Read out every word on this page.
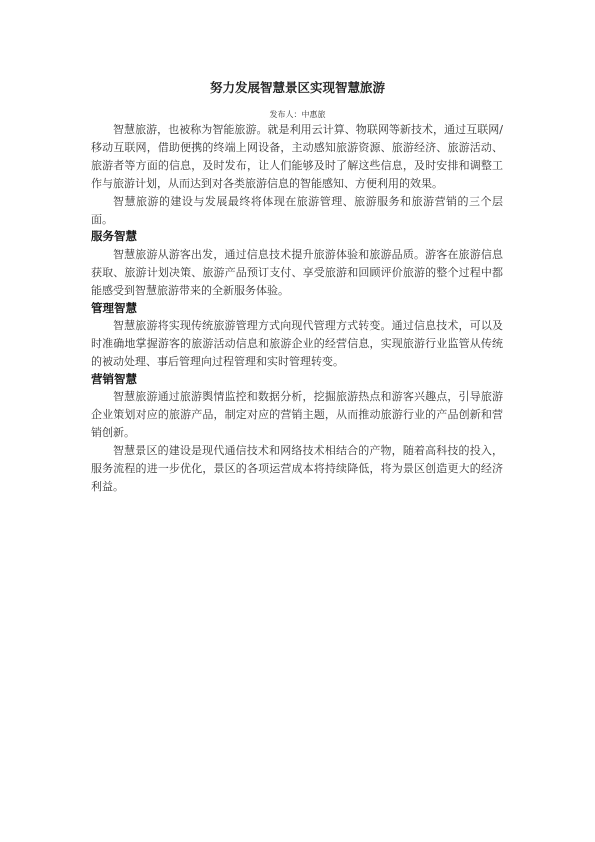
努力发展智慧景区实现智慧旅游
发布人：中惠旅

智慧旅游，也被称为智能旅游。就是利用云计算、物联网等新技术，通过互联网/移动互联网，借助便携的终端上网设备，主动感知旅游资源、旅游经济、旅游活动、旅游者等方面的信息，及时发布，让人们能够及时了解这些信息，及时安排和调整工作与旅游计划，从而达到对各类旅游信息的智能感知、方便利用的效果。

智慧旅游的建设与发展最终将体现在旅游管理、旅游服务和旅游营销的三个层面。

服务智慧

智慧旅游从游客出发，通过信息技术提升旅游体验和旅游品质。游客在旅游信息获取、旅游计划决策、旅游产品预订支付、享受旅游和回顾评价旅游的整个过程中都能感受到智慧旅游带来的全新服务体验。

管理智慧

智慧旅游将实现传统旅游管理方式向现代管理方式转变。通过信息技术，可以及时准确地掌握游客的旅游活动信息和旅游企业的经营信息，实现旅游行业监管从传统的被动处理、事后管理向过程管理和实时管理转变。

营销智慧

智慧旅游通过旅游舆情监控和数据分析，挖掘旅游热点和游客兴趣点，引导旅游企业策划对应的旅游产品，制定对应的营销主题，从而推动旅游行业的产品创新和营销创新。

智慧景区的建设是现代通信技术和网络技术相结合的产物，随着高科技的投入，服务流程的进一步优化，景区的各项运营成本将持续降低，将为景区创造更大的经济利益。
